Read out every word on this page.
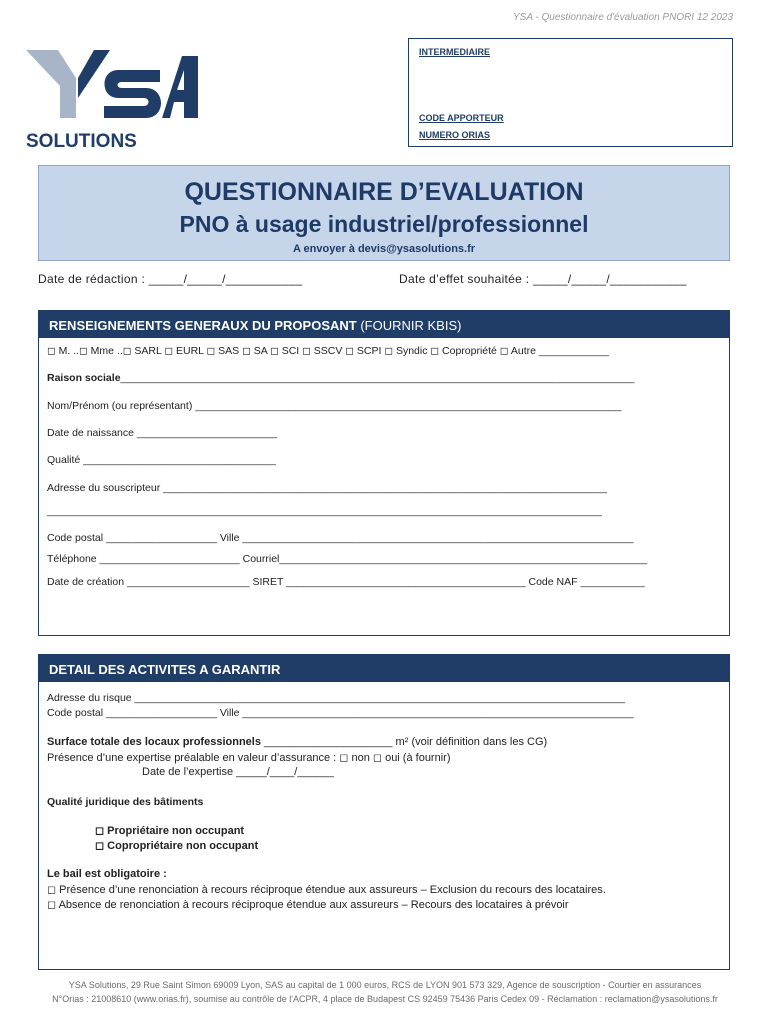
YSA - Questionnaire d'évaluation PNORI 12 2023
SOLUTIONS
INTERMEDIAIRE
CODE APPORTEUR
NUMERO ORIAS
QUESTIONNAIRE D’EVALUATION
PNO à usage industriel/professionnel
A envoyer à devis@ysasolutions.fr
Date de rédaction : _____/_____/___________	Date d’effet souhaitée : _____/_____/___________
RENSEIGNEMENTS GENERAUX DU PROPOSANT (FOURNIR KBIS)
◻ M. ..◻ Mme ..◻ SARL ◻ EURL ◻ SAS ◻ SA ◻ SCI ◻ SSCV ◻ SCPI ◻ Syndic ◻ Copropriété ◻ Autre ____________
Raison sociale________________________________________________________________________________________
Nom/Prénom (ou représentant) _________________________________________________________________________
Date de naissance ________________________
Qualité _________________________________
Adresse du souscripteur ____________________________________________________________________________
_______________________________________________________________________________________________
Code postal ___________________ Ville ___________________________________________________________________
Téléphone ________________________ Courriel_______________________________________________________________
Date de création _____________________ SIRET _________________________________________ Code NAF ___________
DETAIL DES ACTIVITES A GARANTIR
Adresse du risque ____________________________________________________________________________________
Code postal ___________________ Ville ___________________________________________________________________
Surface totale des locaux professionnels _____________________ m² (voir définition dans les CG)
Présence d’une expertise préalable en valeur d’assurance : ◻ non ◻ oui (à fournir)
Date de l’expertise _____/____/______
Qualité juridique des bâtiments
◻ Propriétaire non occupant
◻ Copropriétaire non occupant
Le bail est obligatoire :
◻ Présence d’une renonciation à recours réciproque étendue aux assureurs – Exclusion du recours des locataires.
◻ Absence de renonciation à recours réciproque étendue aux assureurs – Recours des locataires à prévoir
YSA Solutions, 29 Rue Saint Simon 69009 Lyon, SAS au capital de 1 000 euros, RCS de LYON 901 573 329, Agence de souscription - Courtier en assurances
N°Orias : 21008610 (www.orias.fr), soumise au contrôle de l'ACPR, 4 place de Budapest CS 92459 75436 Paris Cedex 09 - Réclamation : reclamation@ysasolutions.fr
